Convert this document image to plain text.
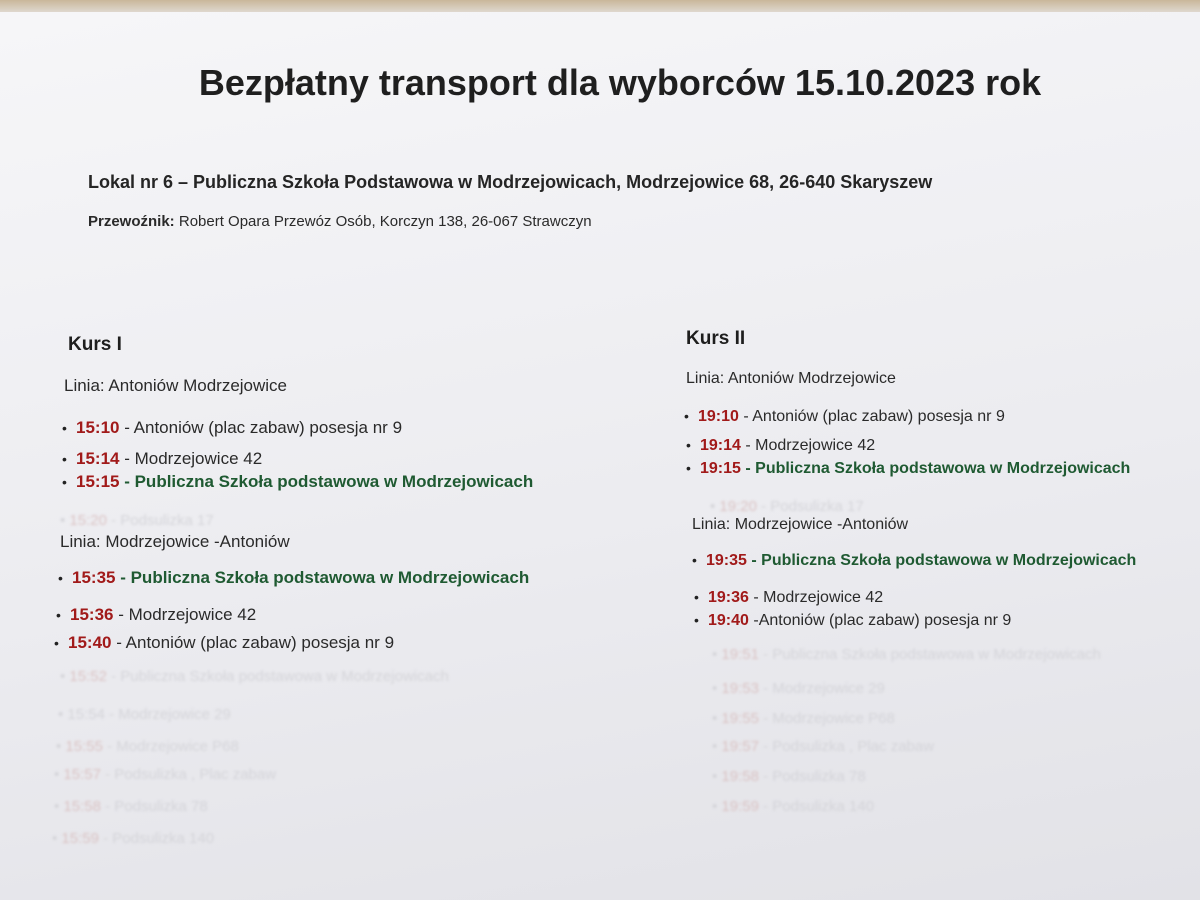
• 15:20 - Podsulizka 17
• 15:52 - Publiczna Szkoła podstawowa w Modrzejowicach
• 15:54 - Modrzejowice 29
• 15:55 - Modrzejowice P68
• 15:57 - Podsulizka , Plac zabaw
• 15:58 - Podsulizka 78
• 15:59 - Podsulizka 140
• 19:20 - Podsulizka 17
• 19:51 - Publiczna Szkoła podstawowa w Modrzejowicach
• 19:53 - Modrzejowice 29
• 19:55 - Modrzejowice P68
• 19:57 - Podsulizka , Plac zabaw
• 19:58 - Podsulizka 78
• 19:59 - Podsulizka 140
Bezpłatny transport dla wyborców 15.10.2023 rok
Lokal nr 6 – Publiczna Szkoła Podstawowa w Modrzejowicach, Modrzejowice 68, 26-640 Skaryszew
Przewoźnik: Robert Opara Przewóz Osób, Korczyn 138, 26-067 Strawczyn
Kurs I
Linia: Antoniów Modrzejowice
• 15:10 - Antoniów (plac zabaw) posesja nr 9
• 15:14 - Modrzejowice 42
• 15:15 - Publiczna Szkoła podstawowa w Modrzejowicach
Linia: Modrzejowice -Antoniów
• 15:35 - Publiczna Szkoła podstawowa w Modrzejowicach
• 15:36 - Modrzejowice 42
• 15:40 - Antoniów (plac zabaw) posesja nr 9
Kurs II
Linia: Antoniów Modrzejowice
• 19:10 - Antoniów (plac zabaw) posesja nr 9
• 19:14 - Modrzejowice 42
• 19:15 - Publiczna Szkoła podstawowa w Modrzejowicach
Linia: Modrzejowice -Antoniów
• 19:35 - Publiczna Szkoła podstawowa w Modrzejowicach
• 19:36 - Modrzejowice 42
• 19:40 -Antoniów (plac zabaw) posesja nr 9
